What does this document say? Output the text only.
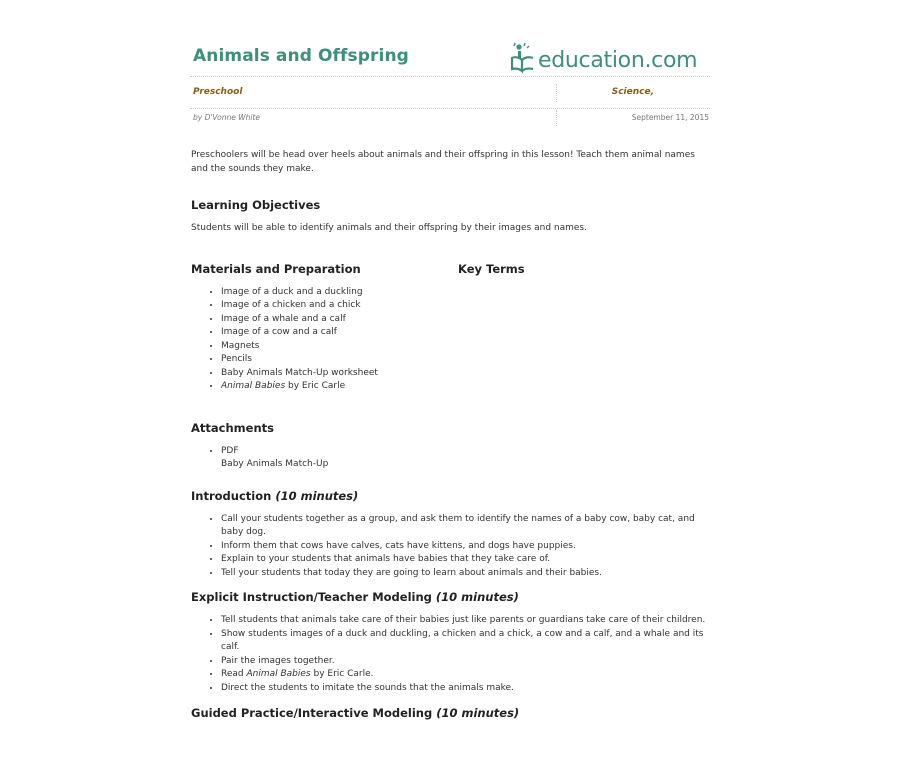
Animals and Offspring	education.com
Preschool	Science,
by D'Vonne White	September 11, 2015

Preschoolers will be head over heels about animals and their offspring in this lesson! Teach them animal names and the sounds they make.

Learning Objectives

Students will be able to identify animals and their offspring by their images and names.

Materials and Preparation
• Image of a duck and a duckling
• Image of a chicken and a chick
• Image of a whale and a calf
• Image of a cow and a calf
• Magnets
• Pencils
• Baby Animals Match-Up worksheet
• Animal Babies by Eric Carle
Key Terms
Attachments
• PDF
Baby Animals Match-Up
Introduction (10 minutes)
• Call your students together as a group, and ask them to identify the names of a baby cow, baby cat, and baby dog.
• Inform them that cows have calves, cats have kittens, and dogs have puppies.
• Explain to your students that animals have babies that they take care of.
• Tell your students that today they are going to learn about animals and their babies.
Explicit Instruction/Teacher Modeling (10 minutes)
• Tell students that animals take care of their babies just like parents or guardians take care of their children.
• Show students images of a duck and duckling, a chicken and a chick, a cow and a calf, and a whale and its calf.
• Pair the images together.
• Read Animal Babies by Eric Carle.
• Direct the students to imitate the sounds that the animals make.
Guided Practice/Interactive Modeling (10 minutes)
